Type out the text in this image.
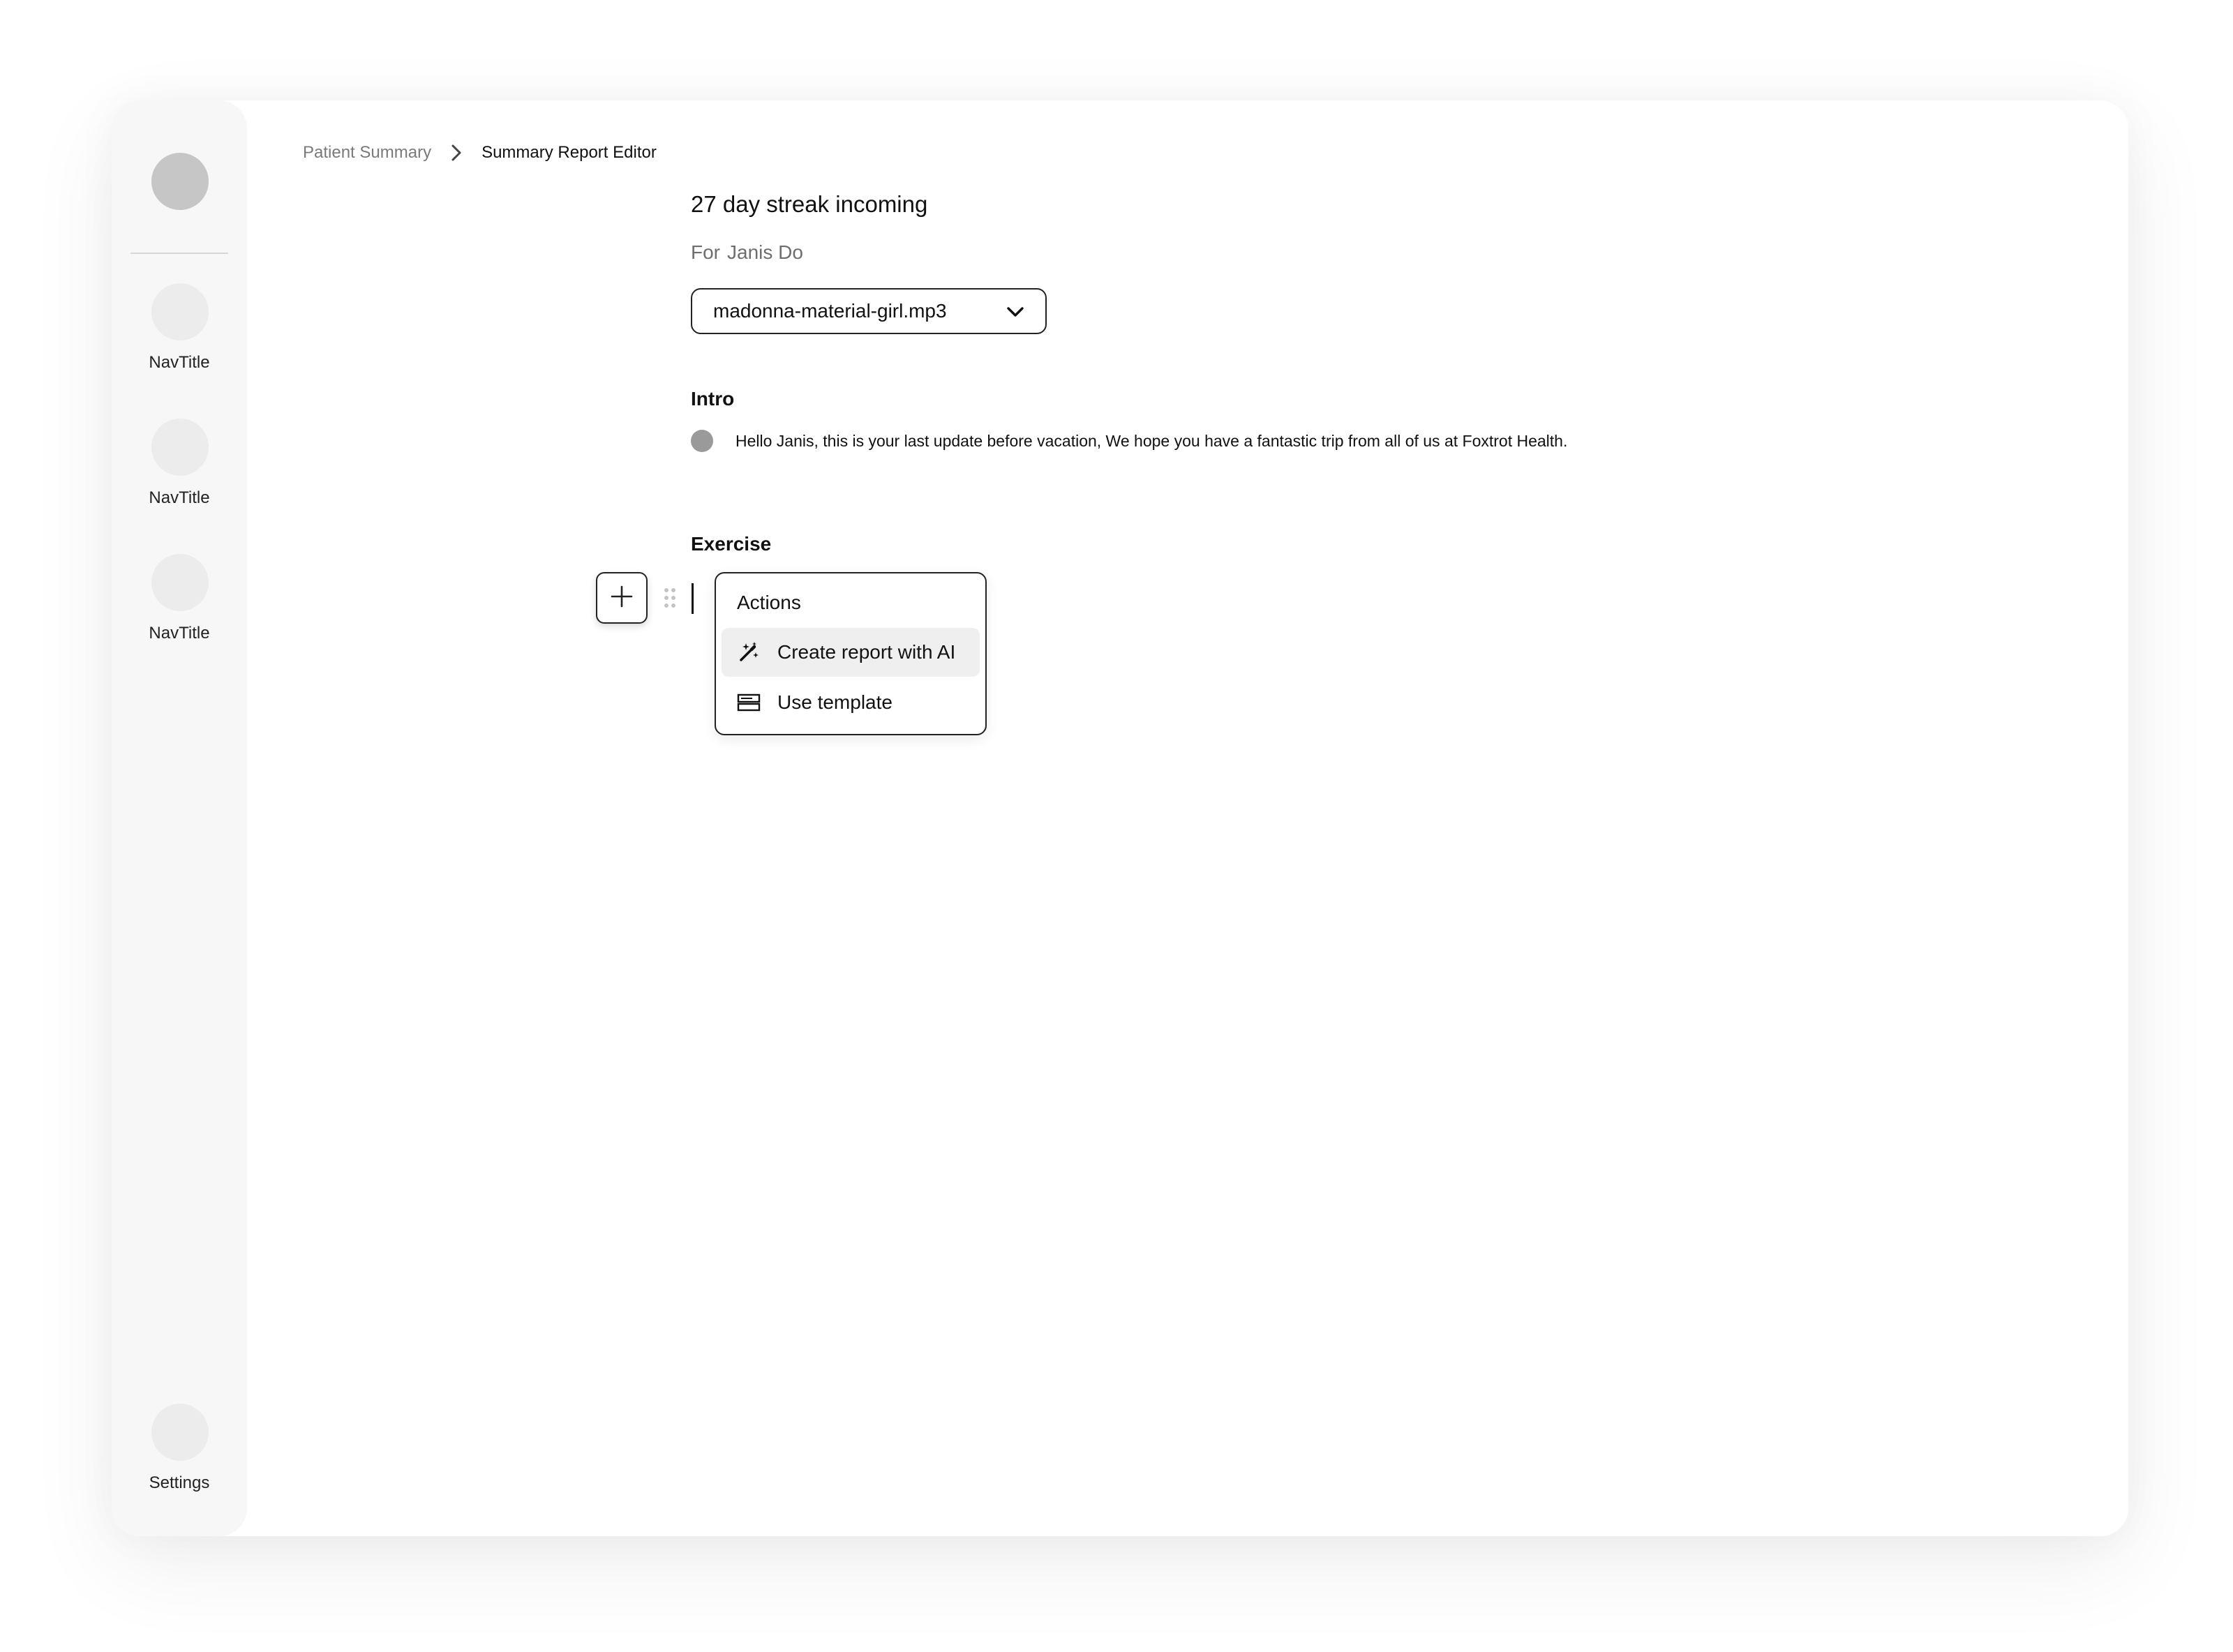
NavTitle
NavTitle
NavTitle
Settings
Patient Summary	Summary Report Editor
27 day streak incoming
For Janis Do
madonna-material-girl.mp3
Intro
Hello Janis, this is your last update before vacation, We hope you have a fantastic trip from all of us at Foxtrot Health.
Exercise
Actions
Create report with AI
Use template
